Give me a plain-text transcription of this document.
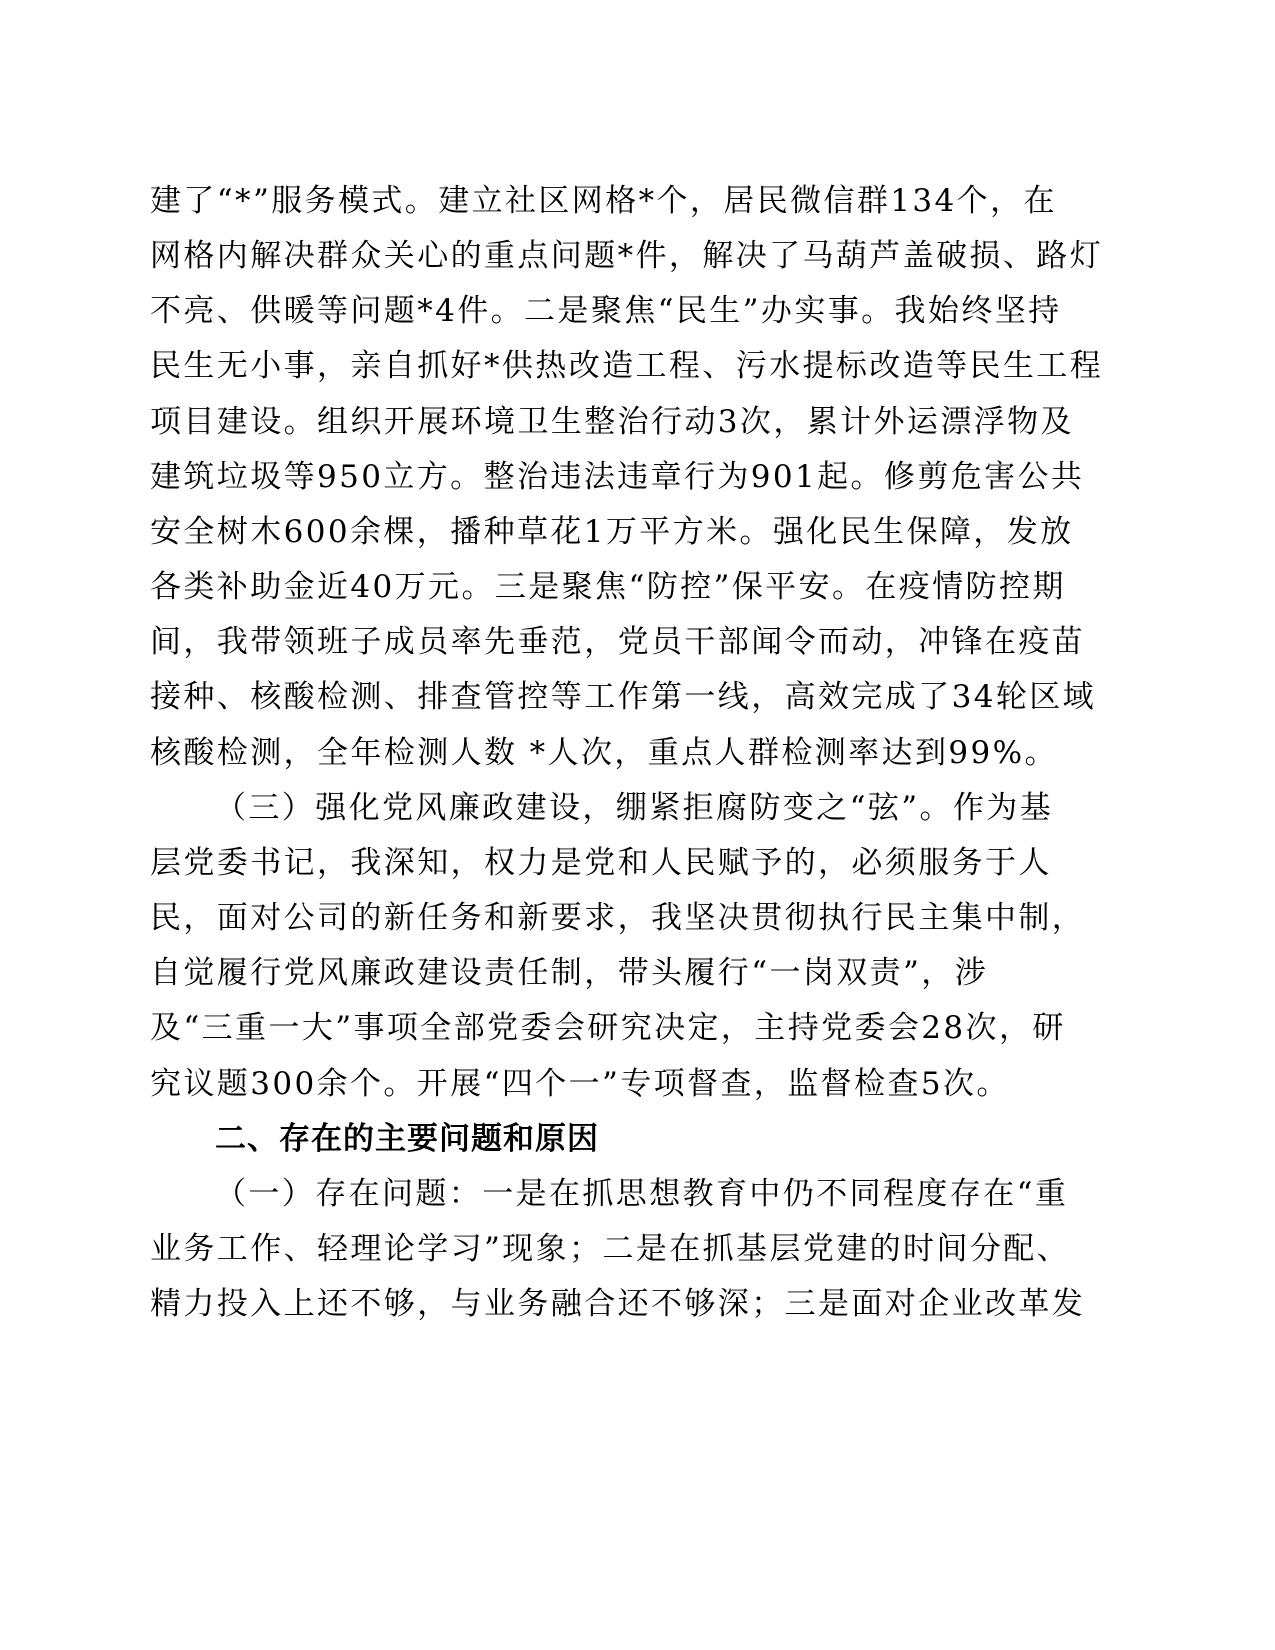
建了“*”服务模式。建立社区网格*个，居民微信群134个，在
网格内解决群众关心的重点问题*件，解决了马葫芦盖破损、路灯
不亮、供暖等问题*4件。二是聚焦“民生”办实事。我始终坚持
民生无小事，亲自抓好*供热改造工程、污水提标改造等民生工程
项目建设。组织开展环境卫生整治行动3次，累计外运漂浮物及
建筑垃圾等950立方。整治违法违章行为901起。修剪危害公共
安全树木600余棵，播种草花1万平方米。强化民生保障，发放
各类补助金近40万元。三是聚焦“防控”保平安。在疫情防控期
间，我带领班子成员率先垂范，党员干部闻令而动，冲锋在疫苗
接种、核酸检测、排查管控等工作第一线，高效完成了34轮区域
核酸检测，全年检测人数 *人次，重点人群检测率达到99%。
（三）强化党风廉政建设，绷紧拒腐防变之“弦”。作为基
层党委书记，我深知，权力是党和人民赋予的，必须服务于人
民，面对公司的新任务和新要求，我坚决贯彻执行民主集中制，
自觉履行党风廉政建设责任制，带头履行“一岗双责”，涉
及“三重一大”事项全部党委会研究决定，主持党委会28次，研
究议题300余个。开展“四个一”专项督查，监督检查5次。
二、存在的主要问题和原因
（一）存在问题：一是在抓思想教育中仍不同程度存在“重
业务工作、轻理论学习”现象；二是在抓基层党建的时间分配、
精力投入上还不够，与业务融合还不够深；三是面对企业改革发
